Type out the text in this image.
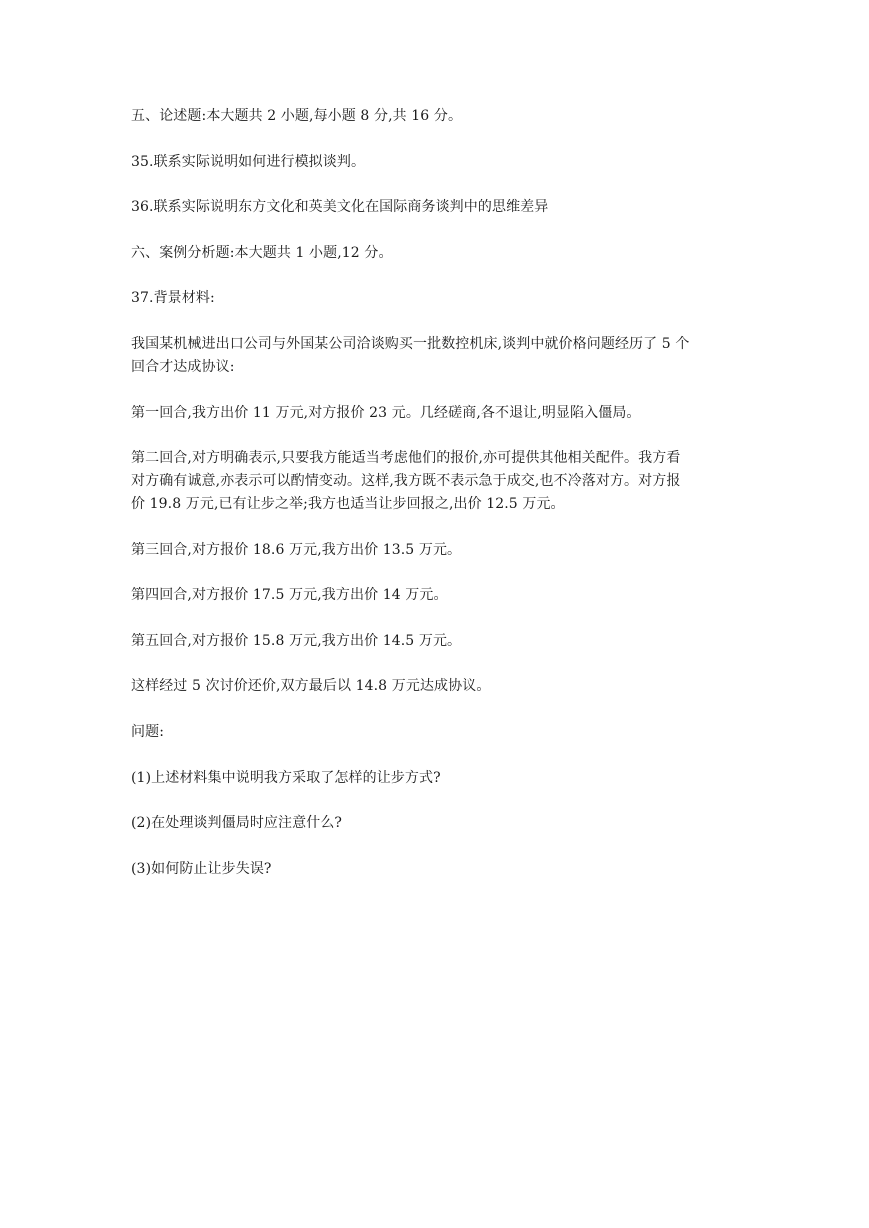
五、论述题:本大题共 2 小题,每小题 8 分,共 16 分。
35.联系实际说明如何进行模拟谈判。
36.联系实际说明东方文化和英美文化在国际商务谈判中的思维差异
六、案例分析题:本大题共 1 小题,12 分。
37.背景材料:
我国某机械进出口公司与外国某公司洽谈购买一批数控机床,谈判中就价格问题经历了 5 个
回合才达成协议:
第一回合,我方出价 11 万元,对方报价 23 元。几经磋商,各不退让,明显陷入僵局。
第二回合,对方明确表示,只要我方能适当考虑他们的报价,亦可提供其他相关配件。我方看
对方确有诚意,亦表示可以酌情变动。这样,我方既不表示急于成交,也不冷落对方。对方报
价 19.8 万元,已有让步之举;我方也适当让步回报之,出价 12.5 万元。
第三回合,对方报价 18.6 万元,我方出价 13.5 万元。
第四回合,对方报价 17.5 万元,我方出价 14 万元。
第五回合,对方报价 15.8 万元,我方出价 14.5 万元。
这样经过 5 次讨价还价,双方最后以 14.8 万元达成协议。
问题:
(1)上述材料集中说明我方采取了怎样的让步方式?
(2)在处理谈判僵局时应注意什么?
(3)如何防止让步失误?
